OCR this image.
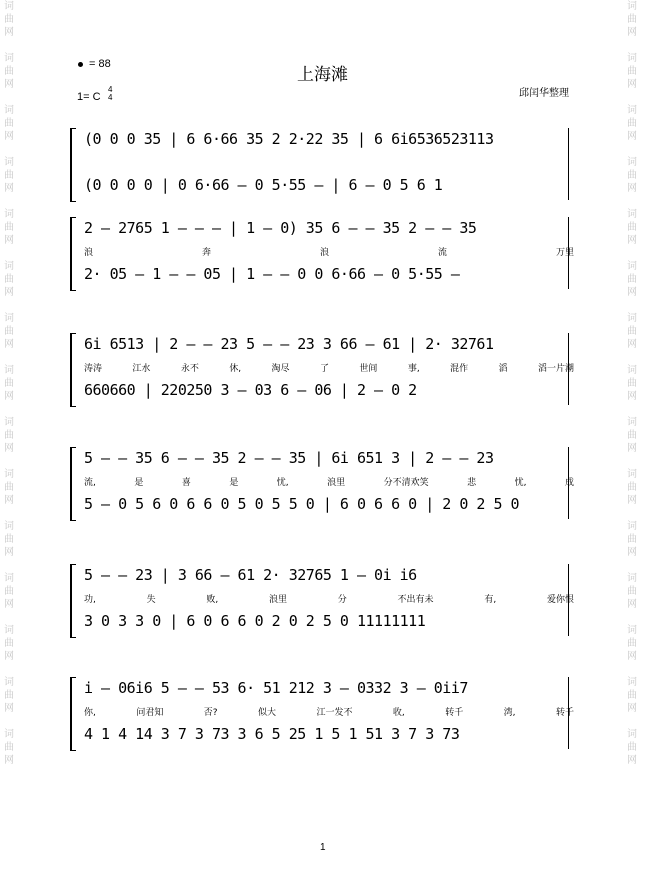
词
曲
网
词
曲
网
词
曲
网
词
曲
网
词
曲
网
词
曲
网
词
曲
网
词
曲
网
词
曲
网
词
曲
网
词
曲
网
词
曲
网
词
曲
网
词
曲
网
词
曲
网
词
曲
网
词
曲
网
词
曲
网
词
曲
网
词
曲
网
词
曲
网
词
曲
网
词
曲
网
词
曲
网
词
曲
网
词
曲
网
词
曲
网
词
曲
网
词
曲
网
词
曲
网
= 88
上海滩
1= C
4
4	邱闰华整理
(0 0 0 35 | 6 6·66 35 2 2·22 35 | 6 6i6536523113
(0 0 0 0 | 0 6·66 – 0 5·55 – | 6 – 0 5 6 1
2 – 2765 1 – – – | 1 – 0) 35 6 – – 35 2 – – 35
浪	奔	浪	流	万里
2· 05 – 1 – – 05 | 1 – – 0 0 6·66 – 0 5·55 –
6i 6513 | 2 – – 23 5 – – 23 3 66 – 61 | 2· 32761
涛涛	江水	永不	休,	淘尽	了	世间	事,	混作	滔	滔一片潮
660660 | 220250 3 – 03 6 – 06 | 2 – 0 2
5 – – 35 6 – – 35 2 – – 35 | 6i 651 3 | 2 – – 23
流,	是	喜	是	忧,	浪里	分不清欢笑	悲	忧,	成
5 – 0 5 6 0 6 6 0 5 0 5 5 0 | 6 0 6 6 0 | 2 0 2 5 0
5 – – 23 | 3 66 – 61 2· 32765 1 – 0i i6
功,	失	败,	浪里	分	不出有未	有,	爱你恨
3 0 3 3 0 | 6 0 6 6 0 2 0 2 5 0 11111111
i – 06i6 5 – – 53 6· 51 212 3 – 0332 3 – 0ii7
你,	问君知	否?	似大	江一发不	收,	转千	湾,	转千
4 1 4 14 3 7 3 73 3 6 5 25 1 5 1 51 3 7 3 73
1
